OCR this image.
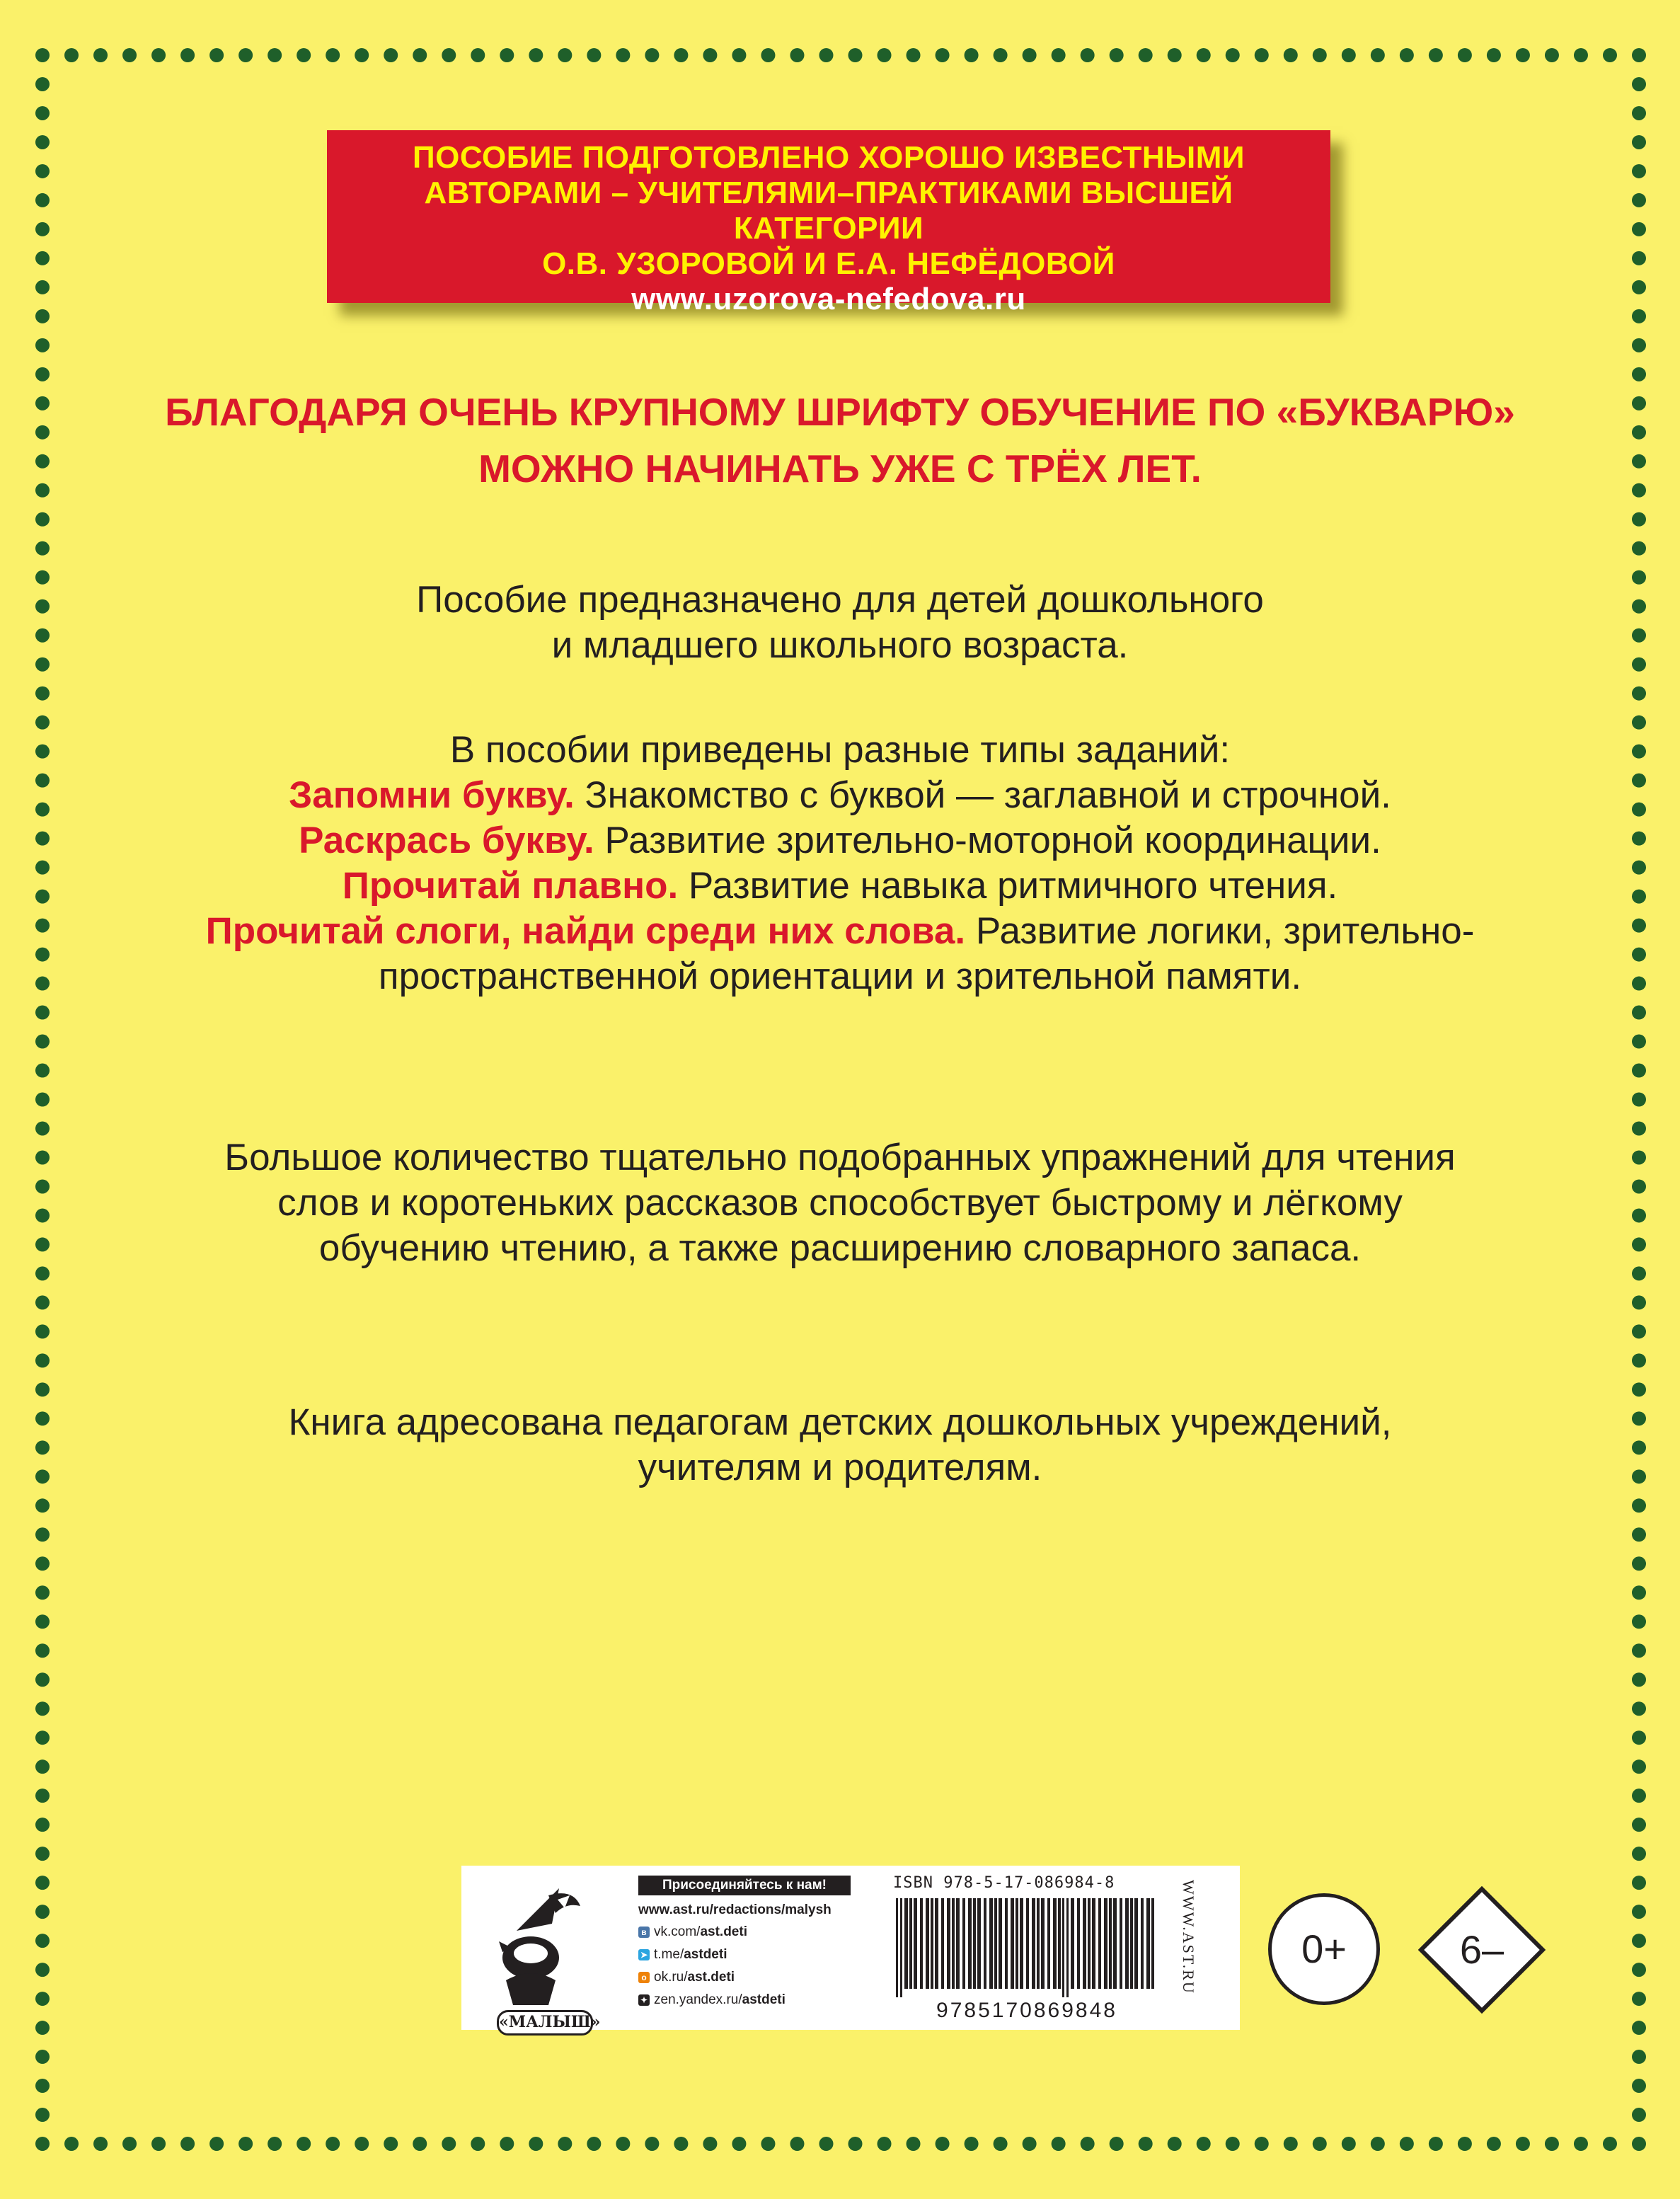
ПОСОБИЕ ПОДГОТОВЛЕНО ХОРОШО ИЗВЕСТНЫМИ
АВТОРАМИ – УЧИТЕЛЯМИ–ПРАКТИКАМИ ВЫСШЕЙ КАТЕГОРИИ
О.В. УЗОРОВОЙ И Е.А. НЕФЁДОВОЙ
www.uzorova-nefedova.ru
БЛАГОДАРЯ ОЧЕНЬ КРУПНОМУ ШРИФТУ ОБУЧЕНИЕ ПО «БУКВАРЮ»
МОЖНО НАЧИНАТЬ УЖЕ С ТРЁХ ЛЕТ.
Пособие предназначено для детей дошкольного
и младшего школьного возраста.
В пособии приведены разные типы заданий:
Запомни букву. Знакомство с буквой — заглавной и строчной.
Раскрась букву. Развитие зрительно-моторной координации.
Прочитай плавно. Развитие навыка ритмичного чтения.
Прочитай слоги, найди среди них слова. Развитие логики, зрительно-
пространственной ориентации и зрительной памяти.
Большое количество тщательно подобранных упражнений для чтения
слов и коротеньких рассказов способствует быстрому и лёгкому
обучению чтению, а также расширению словарного запаса.
Книга адресована педагогам детских дошкольных учреждений,
учителям и родителям.
«МАЛЫШ»
Присоединяйтесь к нам!
www.ast.ru/redactions/malysh
в vk.com/ast.deti
➤ t.me/astdeti
о ok.ru/ast.deti
✦ zen.yandex.ru/astdeti
ISBN 978-5-17-086984-8
9785170869848
WWW.AST.RU	0+	6–
